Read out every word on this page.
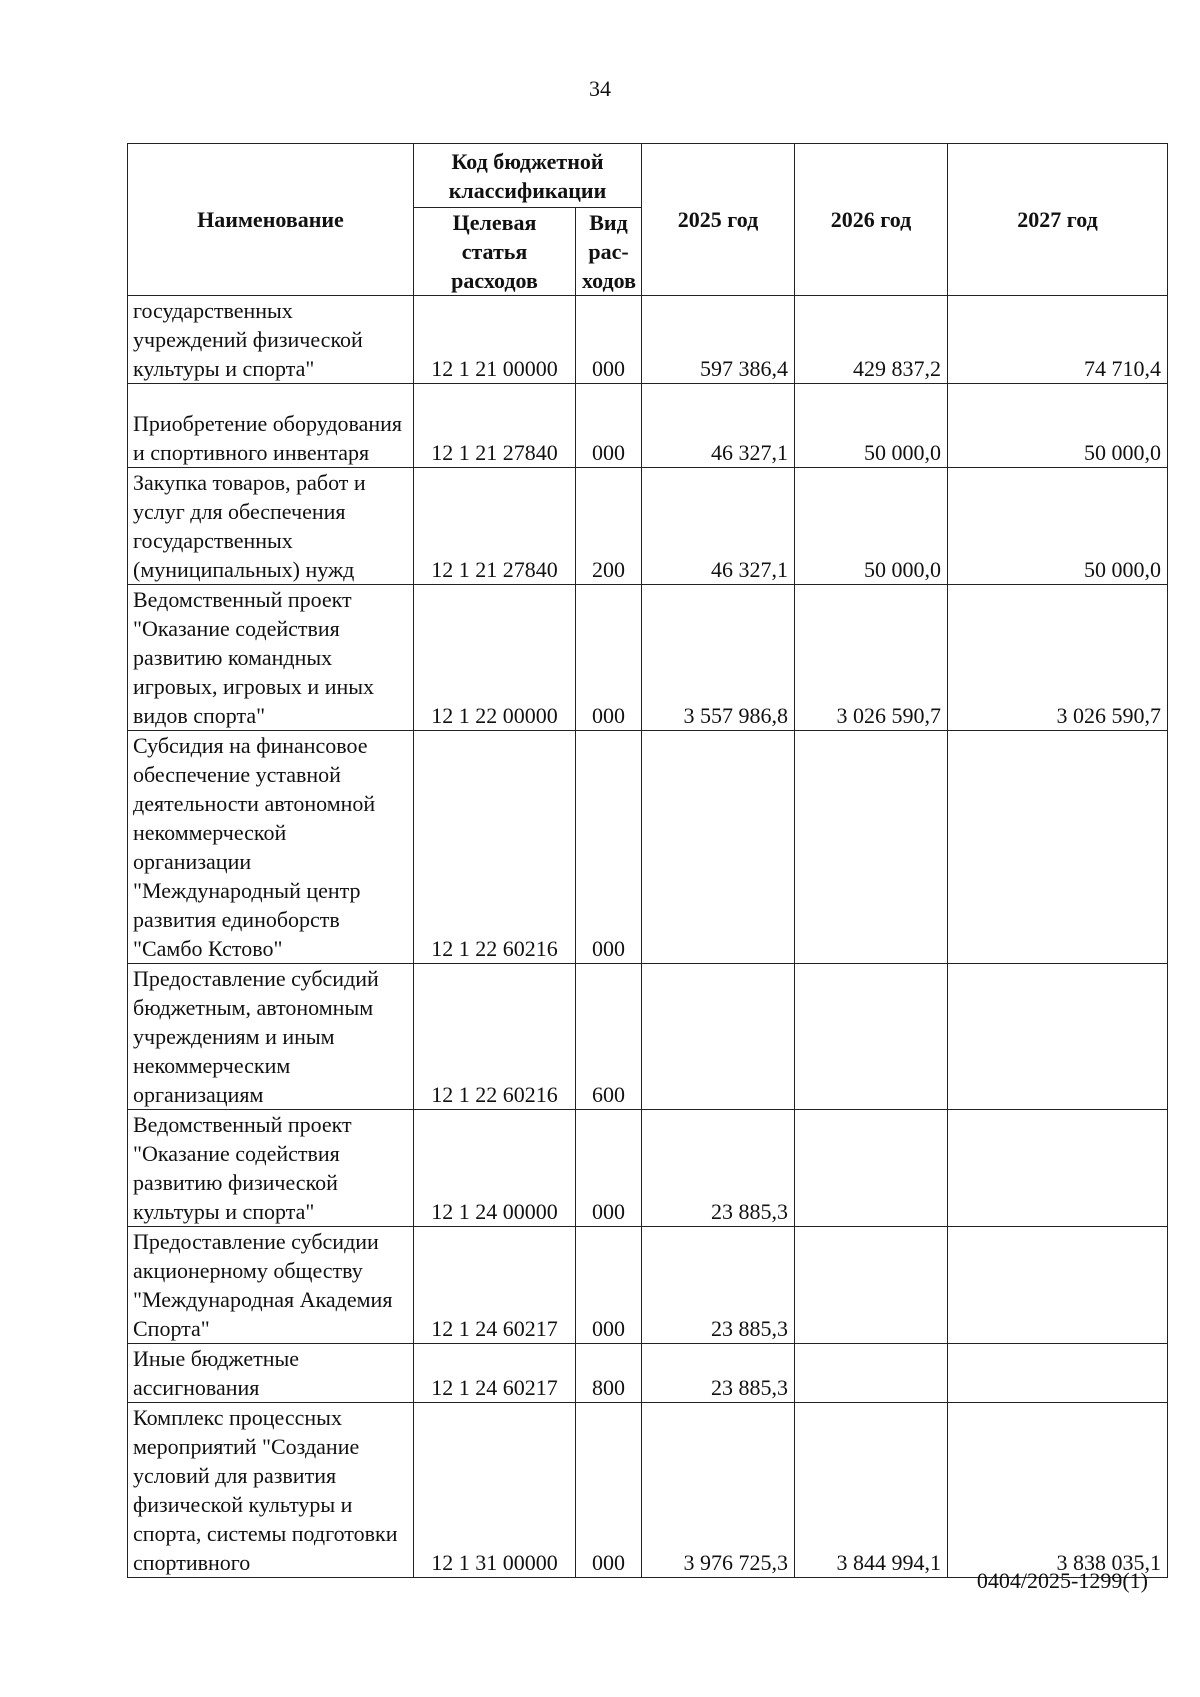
34
Наименование	Код бюджетной классификации		2025 год	2026 год	2027 год
	Целевая статья расходов	Вид рас-ходов			
государственных учреждений физической культуры и спорта"	12 1 21 00000	000	597 386,4	429 837,2	74 710,4
Приобретение оборудования и спортивного инвентаря	12 1 21 27840	000	46 327,1	50 000,0	50 000,0
Закупка товаров, работ и услуг для обеспечения государственных (муниципальных) нужд	12 1 21 27840	200	46 327,1	50 000,0	50 000,0
Ведомственный проект "Оказание содействия развитию командных игровых, игровых и иных видов спорта"	12 1 22 00000	000	3 557 986,8	3 026 590,7	3 026 590,7
Субсидия на финансовое обеспечение уставной деятельности автономной некоммерческой организации "Международный центр развития единоборств "Самбо Кстово"	12 1 22 60216	000			
Предоставление субсидий бюджетным, автономным учреждениям и иным некоммерческим организациям	12 1 22 60216	600			
Ведомственный проект "Оказание содействия развитию физической культуры и спорта"	12 1 24 00000	000	23 885,3		
Предоставление субсидии акционерному обществу "Международная Академия Спорта"	12 1 24 60217	000	23 885,3		
Иные бюджетные ассигнования	12 1 24 60217	800	23 885,3		
Комплекс процессных мероприятий "Создание условий для развития физической культуры и спорта, системы подготовки спортивного	12 1 31 00000	000	3 976 725,3	3 844 994,1	3 838 035,1
0404/2025-1299(1)
